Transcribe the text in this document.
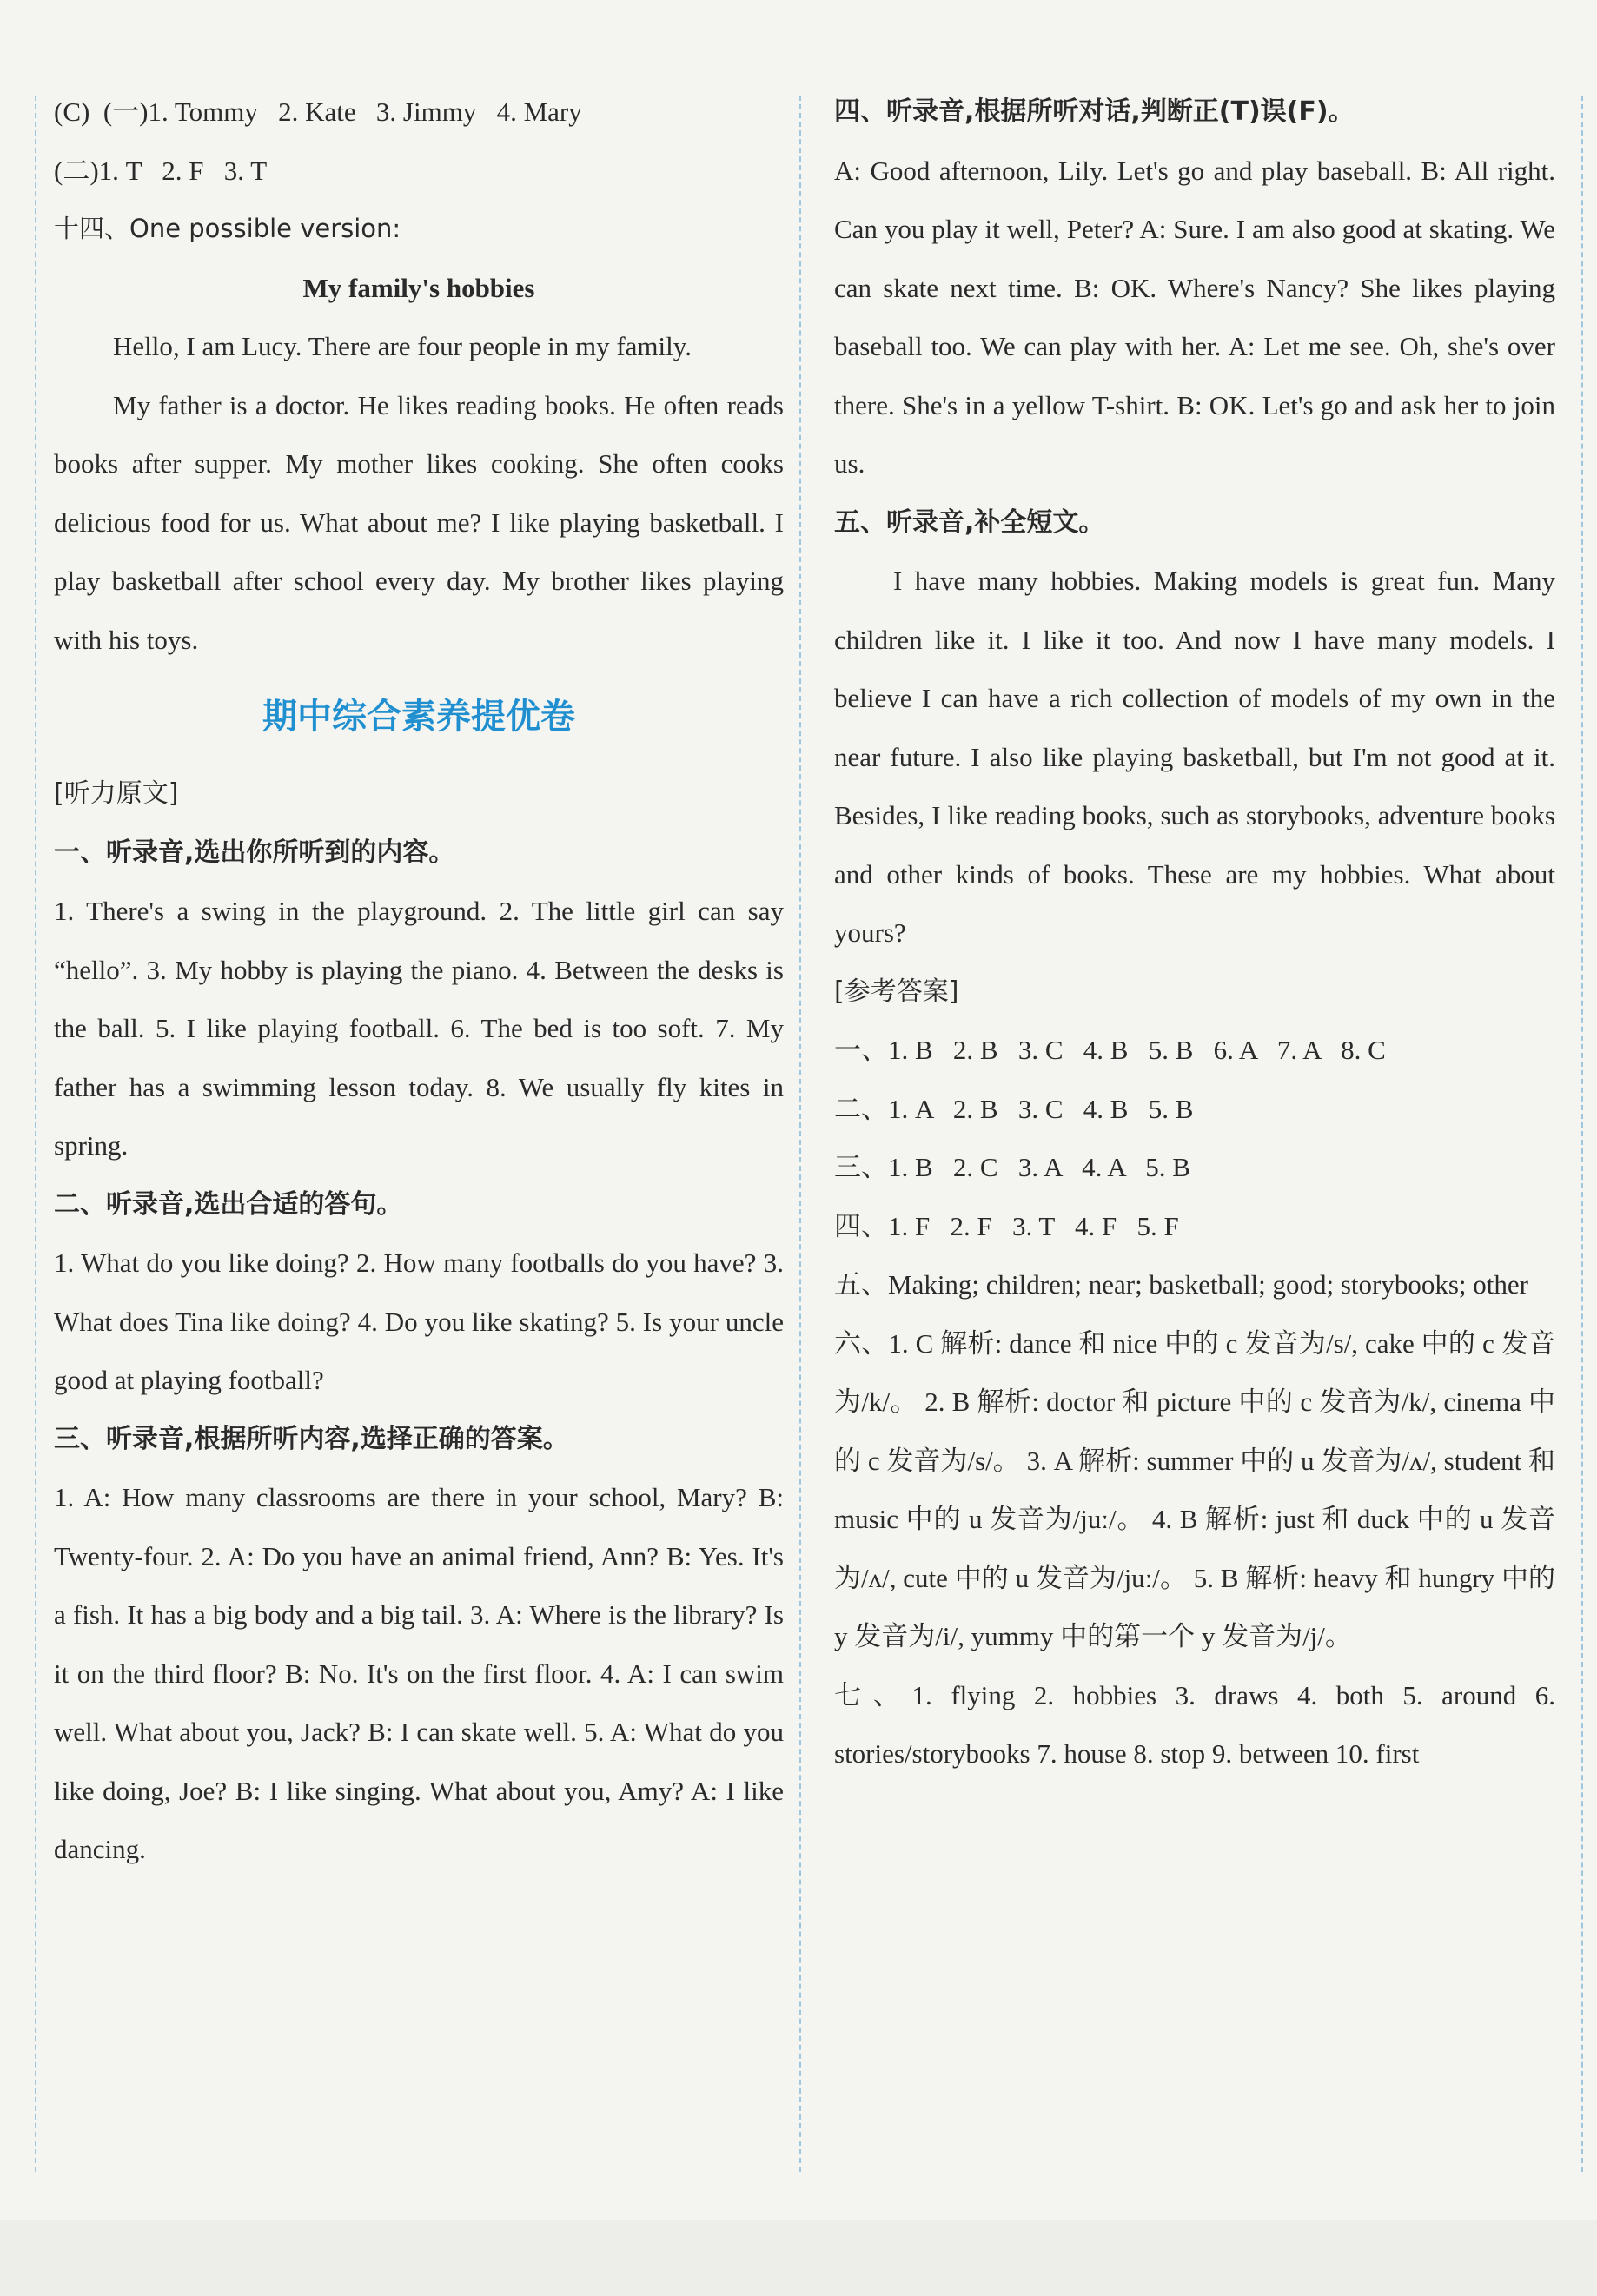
(C)  (一)1. Tommy   2. Kate   3. Jimmy   4. Mary

(二)1. T   2. F   3. T

十四、One possible version:

My family's hobbies

Hello, I am Lucy. There are four people in my family.

My father is a doctor. He likes reading books. He often reads books after supper. My mother likes cooking. She often cooks delicious food for us. What about me? I like playing basketball. I play basketball after school every day. My brother likes playing with his toys.

期中综合素养提优卷

[听力原文]

一、听录音,选出你所听到的内容。

1. There's a swing in the playground. 2. The little girl can say “hello”. 3. My hobby is playing the piano. 4. Between the desks is the ball. 5. I like playing football. 6. The bed is too soft. 7. My father has a swimming lesson today. 8. We usually fly kites in spring.

二、听录音,选出合适的答句。

1. What do you like doing? 2. How many footballs do you have? 3. What does Tina like doing? 4. Do you like skating? 5. Is your uncle good at playing football?

三、听录音,根据所听内容,选择正确的答案。

1. A: How many classrooms are there in your school, Mary? B: Twenty-four. 2. A: Do you have an animal friend, Ann? B: Yes. It's a fish. It has a big body and a big tail. 3. A: Where is the library? Is it on the third floor? B: No. It's on the first floor. 4. A: I can swim well. What about you, Jack? B: I can skate well. 5. A: What do you like doing, Joe? B: I like singing. What about you, Amy? A: I like dancing.

四、听录音,根据所听对话,判断正(T)误(F)。

A: Good afternoon, Lily. Let's go and play baseball. B: All right. Can you play it well, Peter? A: Sure. I am also good at skating. We can skate next time. B: OK. Where's Nancy? She likes playing baseball too. We can play with her. A: Let me see. Oh, she's over there. She's in a yellow T-shirt. B: OK. Let's go and ask her to join us.

五、听录音,补全短文。

I have many hobbies. Making models is great fun. Many children like it. I like it too. And now I have many models. I believe I can have a rich collection of models of my own in the near future. I also like playing basketball, but I'm not good at it. Besides, I like reading books, such as storybooks, adventure books and other kinds of books. These are my hobbies. What about yours?

[参考答案]

一、1. B   2. B   3. C   4. B   5. B   6. A   7. A   8. C

二、1. A   2. B   3. C   4. B   5. B

三、1. B   2. C   3. A   4. A   5. B

四、1. F   2. F   3. T   4. F   5. F

五、Making; children; near; basketball; good; storybooks; other

六、1. C 解析: dance 和 nice 中的 c 发音为/s/, cake 中的 c 发音为/k/。 2. B 解析: doctor 和 picture 中的 c 发音为/k/, cinema 中的 c 发音为/s/。 3. A 解析: summer 中的 u 发音为/ʌ/, student 和 music 中的 u 发音为/juː/。 4. B 解析: just 和 duck 中的 u 发音为/ʌ/, cute 中的 u 发音为/juː/。 5. B 解析: heavy 和 hungry 中的 y 发音为/i/, yummy 中的第一个 y 发音为/j/。

七、1. flying 2. hobbies 3. draws 4. both 5. around 6. stories/storybooks 7. house 8. stop 9. between 10. first
